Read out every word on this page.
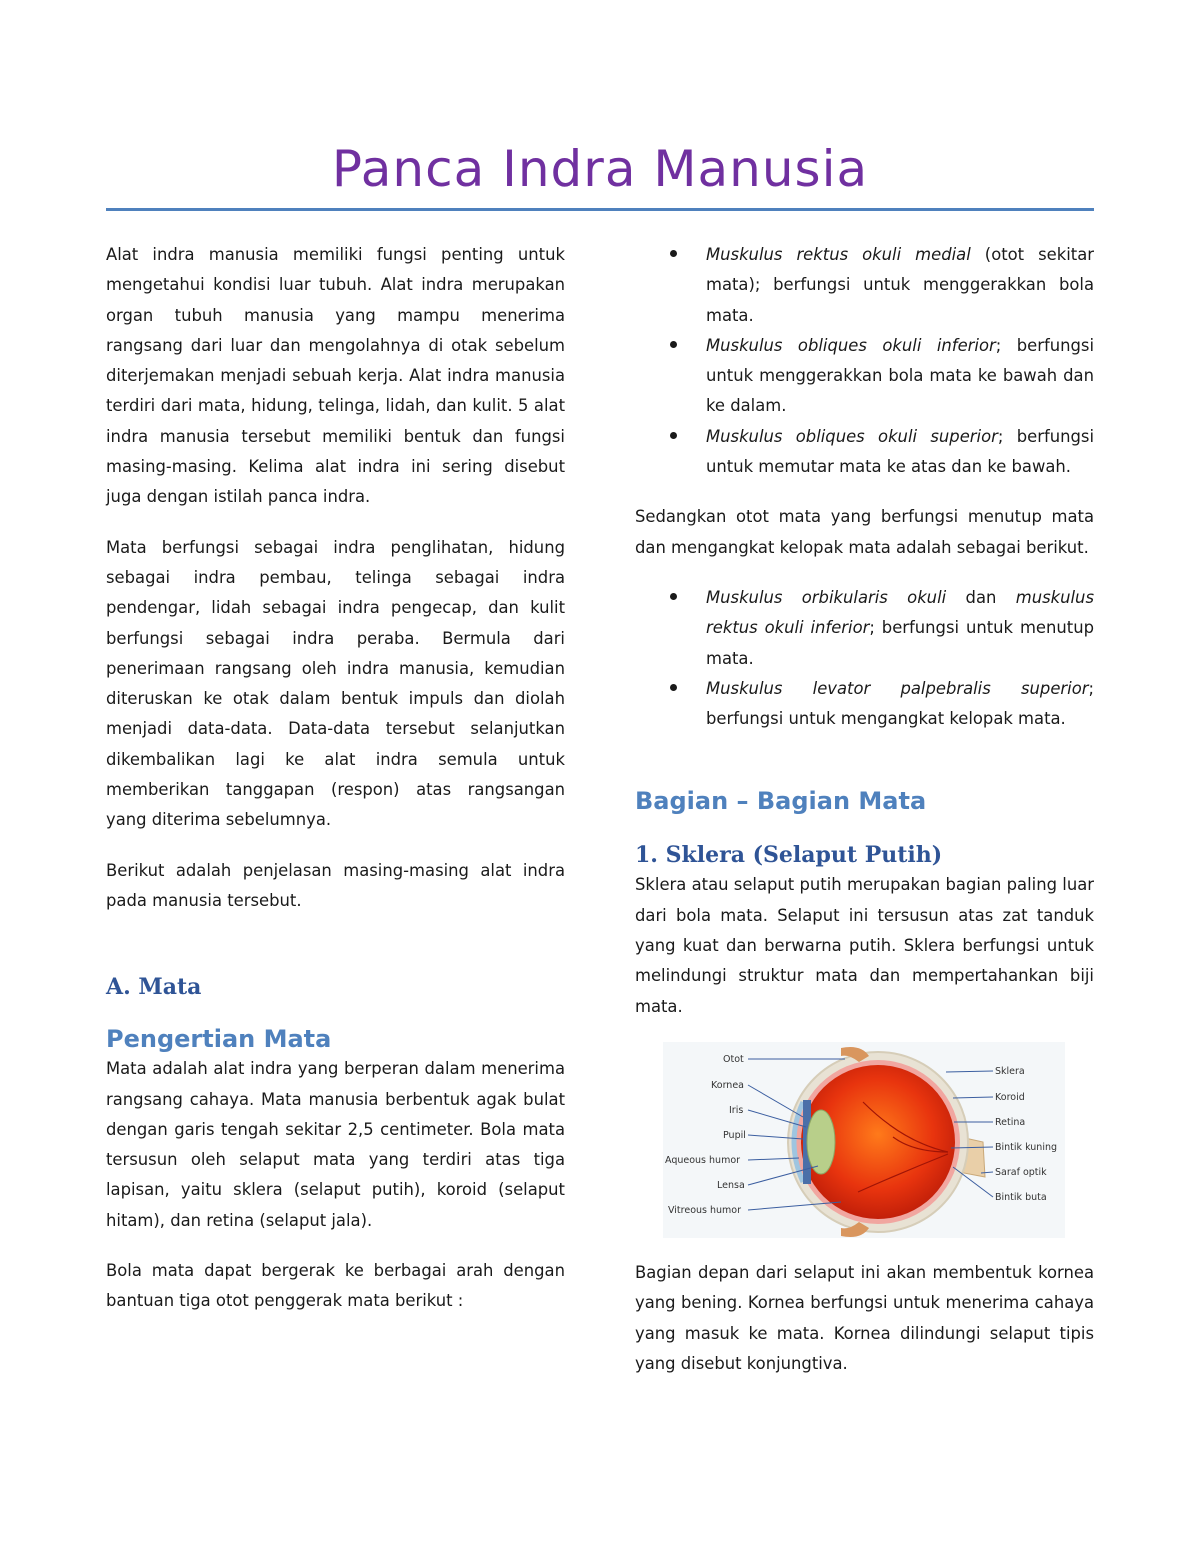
Panca Indra Manusia

Alat indra manusia memiliki fungsi penting untuk mengetahui kondisi luar tubuh. Alat indra merupakan organ tubuh manusia yang mampu menerima rangsang dari luar dan mengolahnya di otak sebelum diterjemakan menjadi sebuah kerja. Alat indra manusia terdiri dari mata, hidung, telinga, lidah, dan kulit. 5 alat indra manusia tersebut memiliki bentuk dan fungsi masing-masing. Kelima alat indra ini sering disebut juga dengan istilah panca indra.

Mata berfungsi sebagai indra penglihatan, hidung sebagai indra pembau, telinga sebagai indra pendengar, lidah sebagai indra pengecap, dan kulit berfungsi sebagai indra peraba. Bermula dari penerimaan rangsang oleh indra manusia, kemudian diteruskan ke otak dalam bentuk impuls dan diolah menjadi data-data. Data-data tersebut selanjutkan dikembalikan lagi ke alat indra semula untuk memberikan tanggapan (respon) atas rangsangan yang diterima sebelumnya.

Berikut adalah penjelasan masing-masing alat indra pada manusia tersebut.

A. Mata
Pengertian Mata

Mata adalah alat indra yang berperan dalam menerima rangsang cahaya. Mata manusia berbentuk agak bulat dengan garis tengah sekitar 2,5 centimeter. Bola mata tersusun oleh selaput mata yang terdiri atas tiga lapisan, yaitu sklera (selaput putih), koroid (selaput hitam), dan retina (selaput jala).

Bola mata dapat bergerak ke berbagai arah dengan bantuan tiga otot penggerak mata berikut :

Muskulus rektus okuli medial (otot sekitar mata); berfungsi untuk menggerakkan bola mata.
Muskulus obliques okuli inferior; berfungsi untuk menggerakkan bola mata ke bawah dan ke dalam.
Muskulus obliques okuli superior; berfungsi untuk memutar mata ke atas dan ke bawah.

Sedangkan otot mata yang berfungsi menutup mata dan mengangkat kelopak mata adalah sebagai berikut.

Muskulus orbikularis okuli dan muskulus rektus okuli inferior; berfungsi untuk menutup mata.
Muskulus levator palpebralis superior; berfungsi untuk mengangkat kelopak mata.
Bagian – Bagian Mata
1. Sklera (Selaput Putih)

Sklera atau selaput putih merupakan bagian paling luar dari bola mata. Selaput ini tersusun atas zat tanduk yang kuat dan berwarna putih. Sklera berfungsi untuk melindungi struktur mata dan mempertahankan biji mata.

Otot
Kornea
Iris
Pupil
Aqueous humor
Lensa
Vitreous humor
Sklera
Koroid
Retina
Bintik kuning
Saraf optik
Bintik buta

Bagian depan dari selaput ini akan membentuk kornea yang bening. Kornea berfungsi untuk menerima cahaya yang masuk ke mata. Kornea dilindungi selaput tipis yang disebut konjungtiva.
